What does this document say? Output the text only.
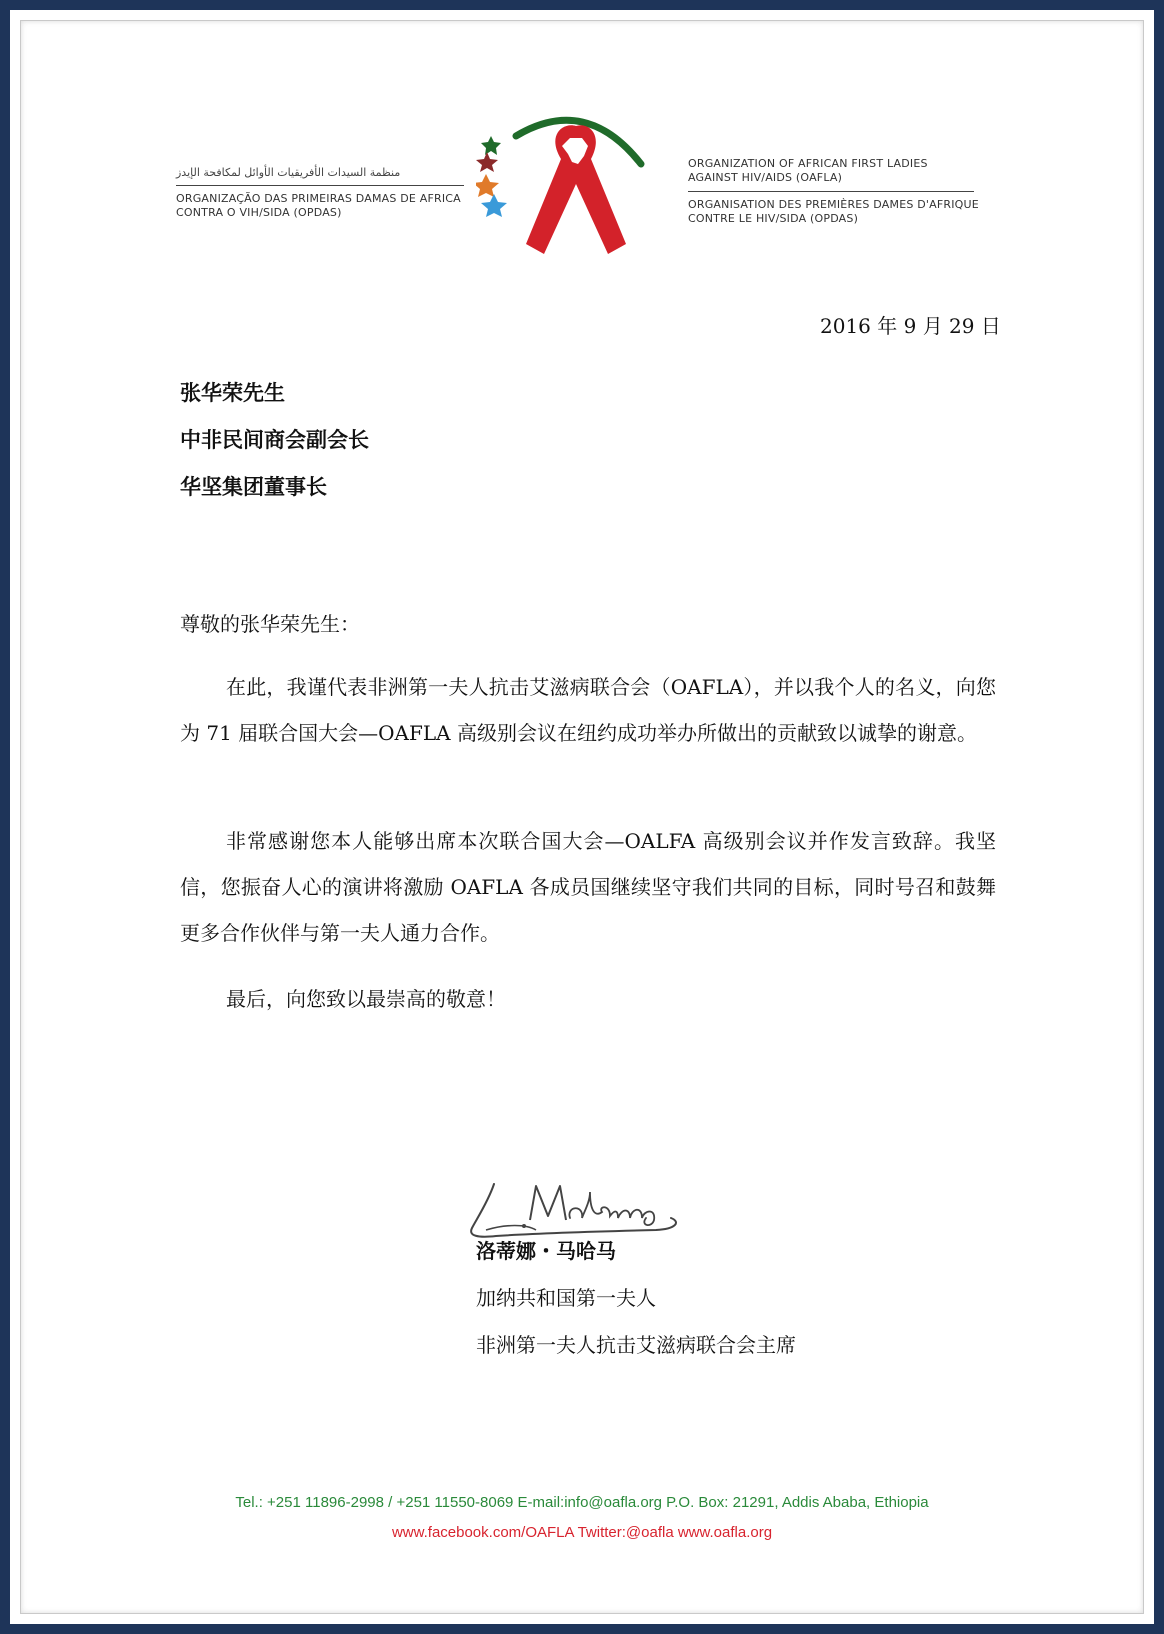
منظمة السيدات الأفريقيات الأوائل لمكافحة الإيدز
ORGANIZAÇÃO DAS PRIMEIRAS DAMAS DE AFRICA
CONTRA O VIH/SIDA (OPDAS)
ORGANIZATION OF AFRICAN FIRST LADIES
AGAINST HIV/AIDS (OAFLA)
ORGANISATION DES PREMIÈRES DAMES D'AFRIQUE
CONTRE LE HIV/SIDA (OPDAS)
2016 年 9 月 29 日
张华荣先生
中非民间商会副会长
华坚集团董事长
尊敬的张华荣先生：
在此，我谨代表非洲第一夫人抗击艾滋病联合会（OAFLA），并以我个人的名义，向您为 71 届联合国大会—OAFLA 高级别会议在纽约成功举办所做出的贡献致以诚挚的谢意。
非常感谢您本人能够出席本次联合国大会—OALFA 高级别会议并作发言致辞。我坚信，您振奋人心的演讲将激励 OAFLA 各成员国继续坚守我们共同的目标，同时号召和鼓舞更多合作伙伴与第一夫人通力合作。
最后，向您致以最崇高的敬意！
洛蒂娜・马哈马
加纳共和国第一夫人
非洲第一夫人抗击艾滋病联合会主席
Tel.: +251 11896-2998 / +251 11550-8069 E-mail:info@oafla.org P.O. Box: 21291, Addis Ababa, Ethiopia
www.facebook.com/OAFLA Twitter:@oafla www.oafla.org
